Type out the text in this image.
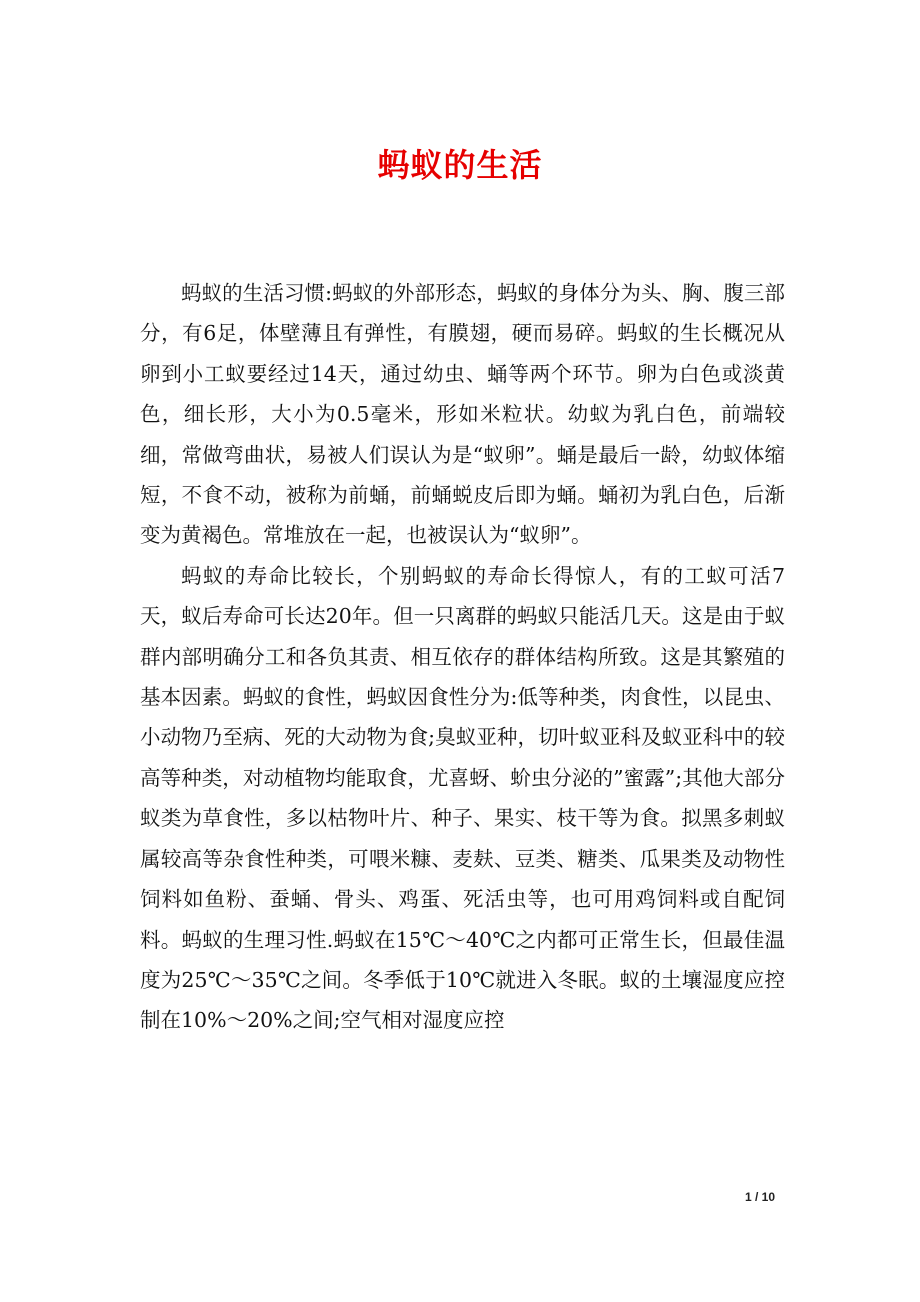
蚂蚁的生活

蚂蚁的生活习惯:蚂蚁的外部形态，蚂蚁的身体分为头、胸、腹三部分，有6足，体壁薄且有弹性，有膜翅，硬而易碎。蚂蚁的生长概况从卵到小工蚁要经过14天，通过幼虫、蛹等两个环节。卵为白色或淡黄色，细长形，大小为0.5毫米，形如米粒状。幼蚁为乳白色，前端较细，常做弯曲状，易被人们误认为是“蚁卵”。蛹是最后一龄，幼蚁体缩短，不食不动，被称为前蛹，前蛹蜕皮后即为蛹。蛹初为乳白色，后渐变为黄褐色。常堆放在一起，也被误认为“蚁卵”。

蚂蚁的寿命比较长，个别蚂蚁的寿命长得惊人，有的工蚁可活7天，蚁后寿命可长达20年。但一只离群的蚂蚁只能活几天。这是由于蚁群内部明确分工和各负其责、相互依存的群体结构所致。这是其繁殖的基本因素。蚂蚁的食性，蚂蚁因食性分为:低等种类，肉食性，以昆虫、小动物乃至病、死的大动物为食;臭蚁亚种，切叶蚁亚科及蚁亚科中的较高等种类，对动植物均能取食，尤喜蚜、蚧虫分泌的”蜜露”;其他大部分蚁类为草食性，多以枯物叶片、种子、果实、枝干等为食。拟黑多刺蚁属较高等杂食性种类，可喂米糠、麦麸、豆类、糖类、瓜果类及动物性饲料如鱼粉、蚕蛹、骨头、鸡蛋、死活虫等，也可用鸡饲料或自配饲料。蚂蚁的生理习性.蚂蚁在15℃～40℃之内都可正常生长，但最佳温度为25℃～35℃之间。冬季低于10℃就进入冬眠。蚁的土壤湿度应控制在10%～20%之间;空气相对湿度应控

1 / 10
